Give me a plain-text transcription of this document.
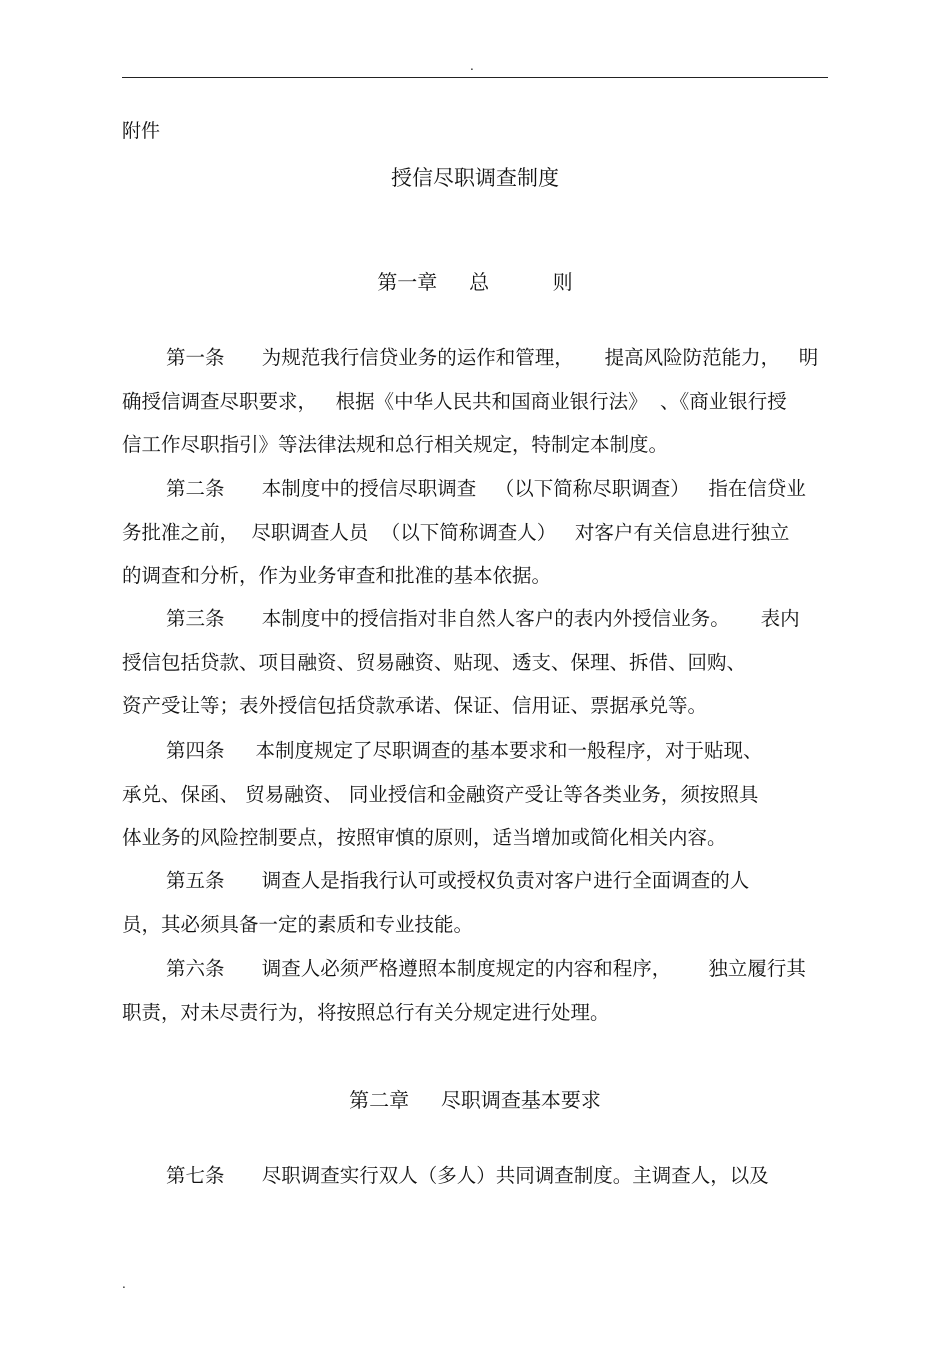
.
附件
授信尽职调查制度
第一章     总          则
第一条      为规范我行信贷业务的运作和管理，     提高风险防范能力，   明
确授信调查尽职要求，   根据《中华人民共和国商业银行法》  、《商业银行授
信工作尽职指引》等法律法规和总行相关规定，特制定本制度。
第二条      本制度中的授信尽职调查   （以下简称尽职调查）   指在信贷业
务批准之前，  尽职调查人员  （以下简称调查人）   对客户有关信息进行独立
的调查和分析，作为业务审查和批准的基本依据。
第三条      本制度中的授信指对非自然人客户的表内外授信业务。     表内
授信包括贷款、项目融资、贸易融资、贴现、透支、保理、拆借、回购、
资产受让等；表外授信包括贷款承诺、保证、信用证、票据承兑等。
第四条     本制度规定了尽职调查的基本要求和一般程序，对于贴现、
承兑、保函、 贸易融资、 同业授信和金融资产受让等各类业务，须按照具
体业务的风险控制要点，按照审慎的原则，适当增加或简化相关内容。
第五条      调查人是指我行认可或授权负责对客户进行全面调查的人
员，其必须具备一定的素质和专业技能。
第六条      调查人必须严格遵照本制度规定的内容和程序，      独立履行其
职责，对未尽责行为，将按照总行有关分规定进行处理。
第二章     尽职调查基本要求
第七条      尽职调查实行双人（多人）共同调查制度。主调查人，以及
.
